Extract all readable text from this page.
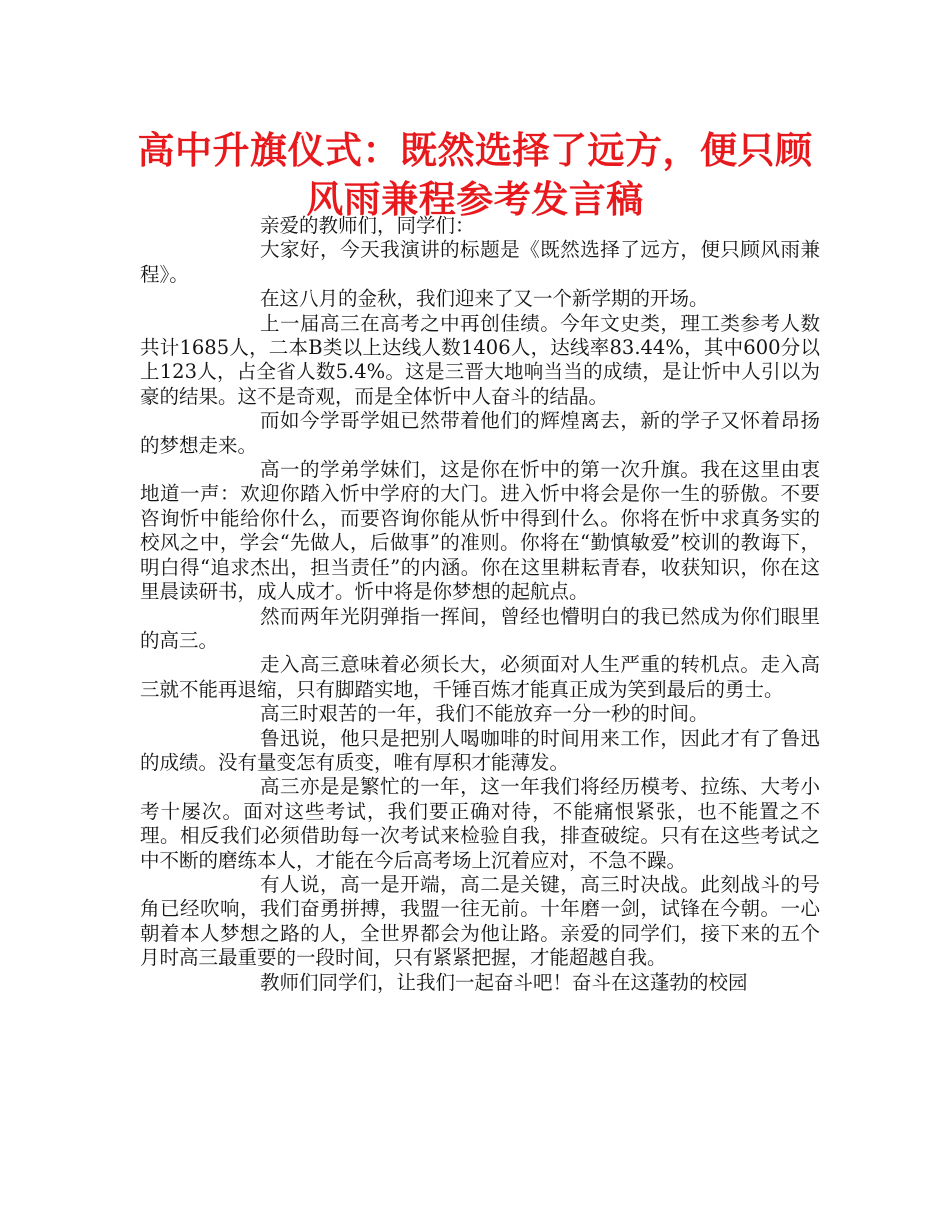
高中升旗仪式：既然选择了远方，便只顾
风雨兼程参考发言稿

亲爱的教师们，同学们：

大家好，今天我演讲的标题是《既然选择了远方，便只顾风雨兼程》。

在这八月的金秋，我们迎来了又一个新学期的开场。

上一届高三在高考之中再创佳绩。今年文史类，理工类参考人数共计1685人，二本B类以上达线人数1406人，达线率83.44%，其中600分以上123人，占全省人数5.4%。这是三晋大地响当当的成绩，是让忻中人引以为豪的结果。这不是奇观，而是全体忻中人奋斗的结晶。

而如今学哥学姐已然带着他们的辉煌离去，新的学子又怀着昂扬的梦想走来。

高一的学弟学妹们，这是你在忻中的第一次升旗。我在这里由衷地道一声：欢迎你踏入忻中学府的大门。进入忻中将会是你一生的骄傲。不要咨询忻中能给你什么，而要咨询你能从忻中得到什么。你将在忻中求真务实的校风之中，学会“先做人，后做事”的准则。你将在“勤慎敏爱”校训的教诲下，明白得“追求杰出，担当责任”的内涵。你在这里耕耘青春，收获知识，你在这里晨读研书，成人成才。忻中将是你梦想的起航点。

然而两年光阴弹指一挥间，曾经也懵明白的我已然成为你们眼里的高三。

走入高三意味着必须长大，必须面对人生严重的转机点。走入高三就不能再退缩，只有脚踏实地，千锤百炼才能真正成为笑到最后的勇士。

高三时艰苦的一年，我们不能放弃一分一秒的时间。

鲁迅说，他只是把别人喝咖啡的时间用来工作，因此才有了鲁迅的成绩。没有量变怎有质变，唯有厚积才能薄发。

高三亦是是繁忙的一年，这一年我们将经历模考、拉练、大考小考十屡次。面对这些考试，我们要正确对待，不能痛恨紧张，也不能置之不理。相反我们必须借助每一次考试来检验自我，排查破绽。只有在这些考试之中不断的磨练本人，才能在今后高考场上沉着应对，不急不躁。

有人说，高一是开端，高二是关键，高三时决战。此刻战斗的号角已经吹响，我们奋勇拼搏，我盟一往无前。十年磨一剑，试锋在今朝。一心朝着本人梦想之路的人，全世界都会为他让路。亲爱的同学们，接下来的五个月时高三最重要的一段时间，只有紧紧把握，才能超越自我。

教师们同学们，让我们一起奋斗吧！奋斗在这蓬勃的校园
